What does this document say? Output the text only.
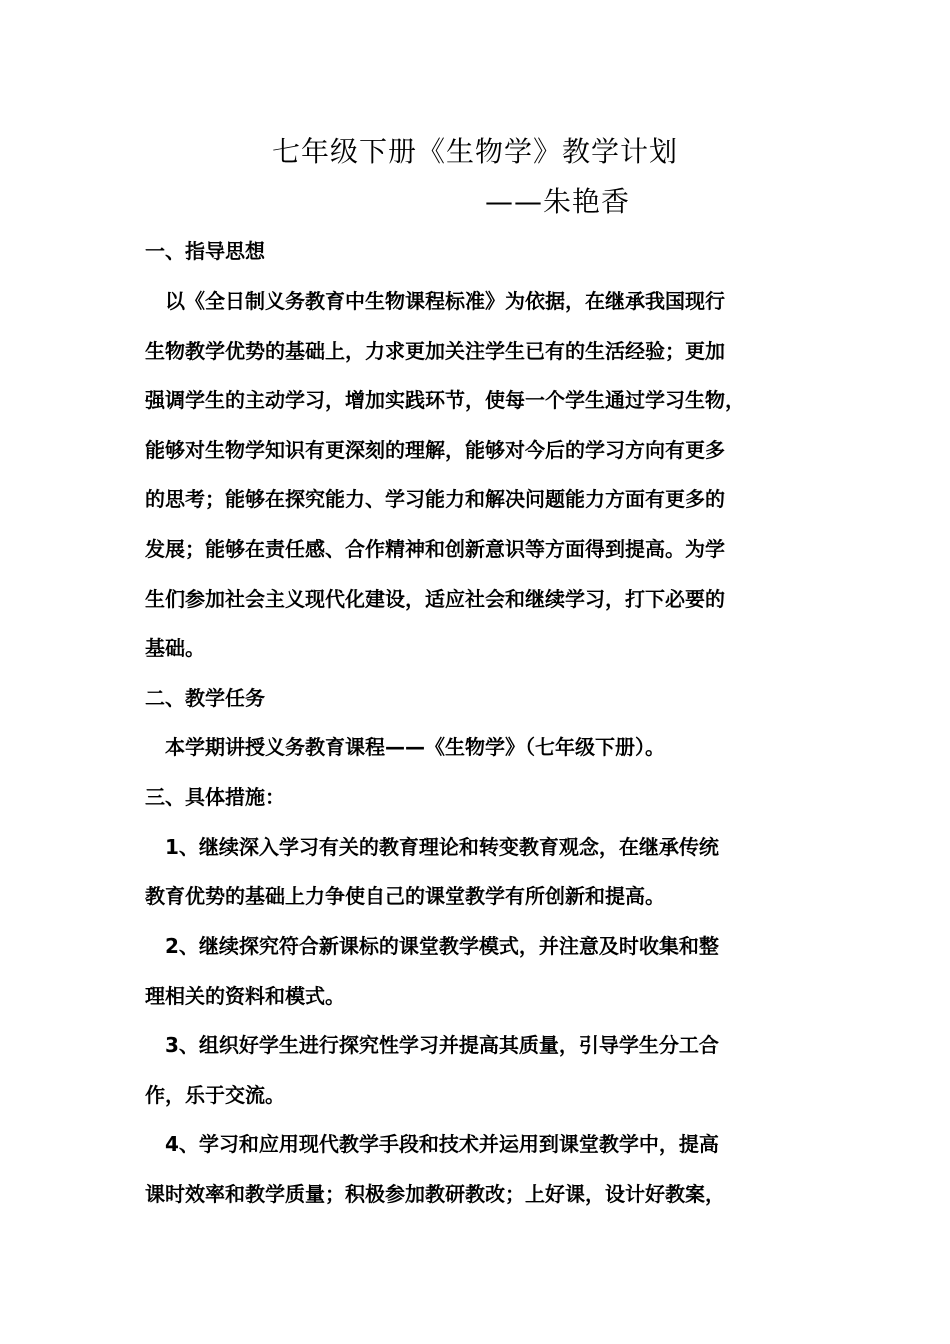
七年级下册《生物学》教学计划
——朱艳香

一、指导思想

　以《全日制义务教育中生物课程标准》为依据，在继承我国现行

生物教学优势的基础上，力求更加关注学生已有的生活经验；更加

强调学生的主动学习，增加实践环节，使每一个学生通过学习生物，

能够对生物学知识有更深刻的理解，能够对今后的学习方向有更多

的思考；能够在探究能力、学习能力和解决问题能力方面有更多的

发展；能够在责任感、合作精神和创新意识等方面得到提高。为学

生们参加社会主义现代化建设，适应社会和继续学习，打下必要的

基础。

二、教学任务

　本学期讲授义务教育课程——《生物学》（七年级下册）。

三、具体措施：

　1、继续深入学习有关的教育理论和转变教育观念，在继承传统

教育优势的基础上力争使自己的课堂教学有所创新和提高。

　2、继续探究符合新课标的课堂教学模式，并注意及时收集和整

理相关的资料和模式。

　3、组织好学生进行探究性学习并提高其质量，引导学生分工合

作，乐于交流。

　4、学习和应用现代教学手段和技术并运用到课堂教学中，提高

课时效率和教学质量；积极参加教研教改；上好课，设计好教案，
